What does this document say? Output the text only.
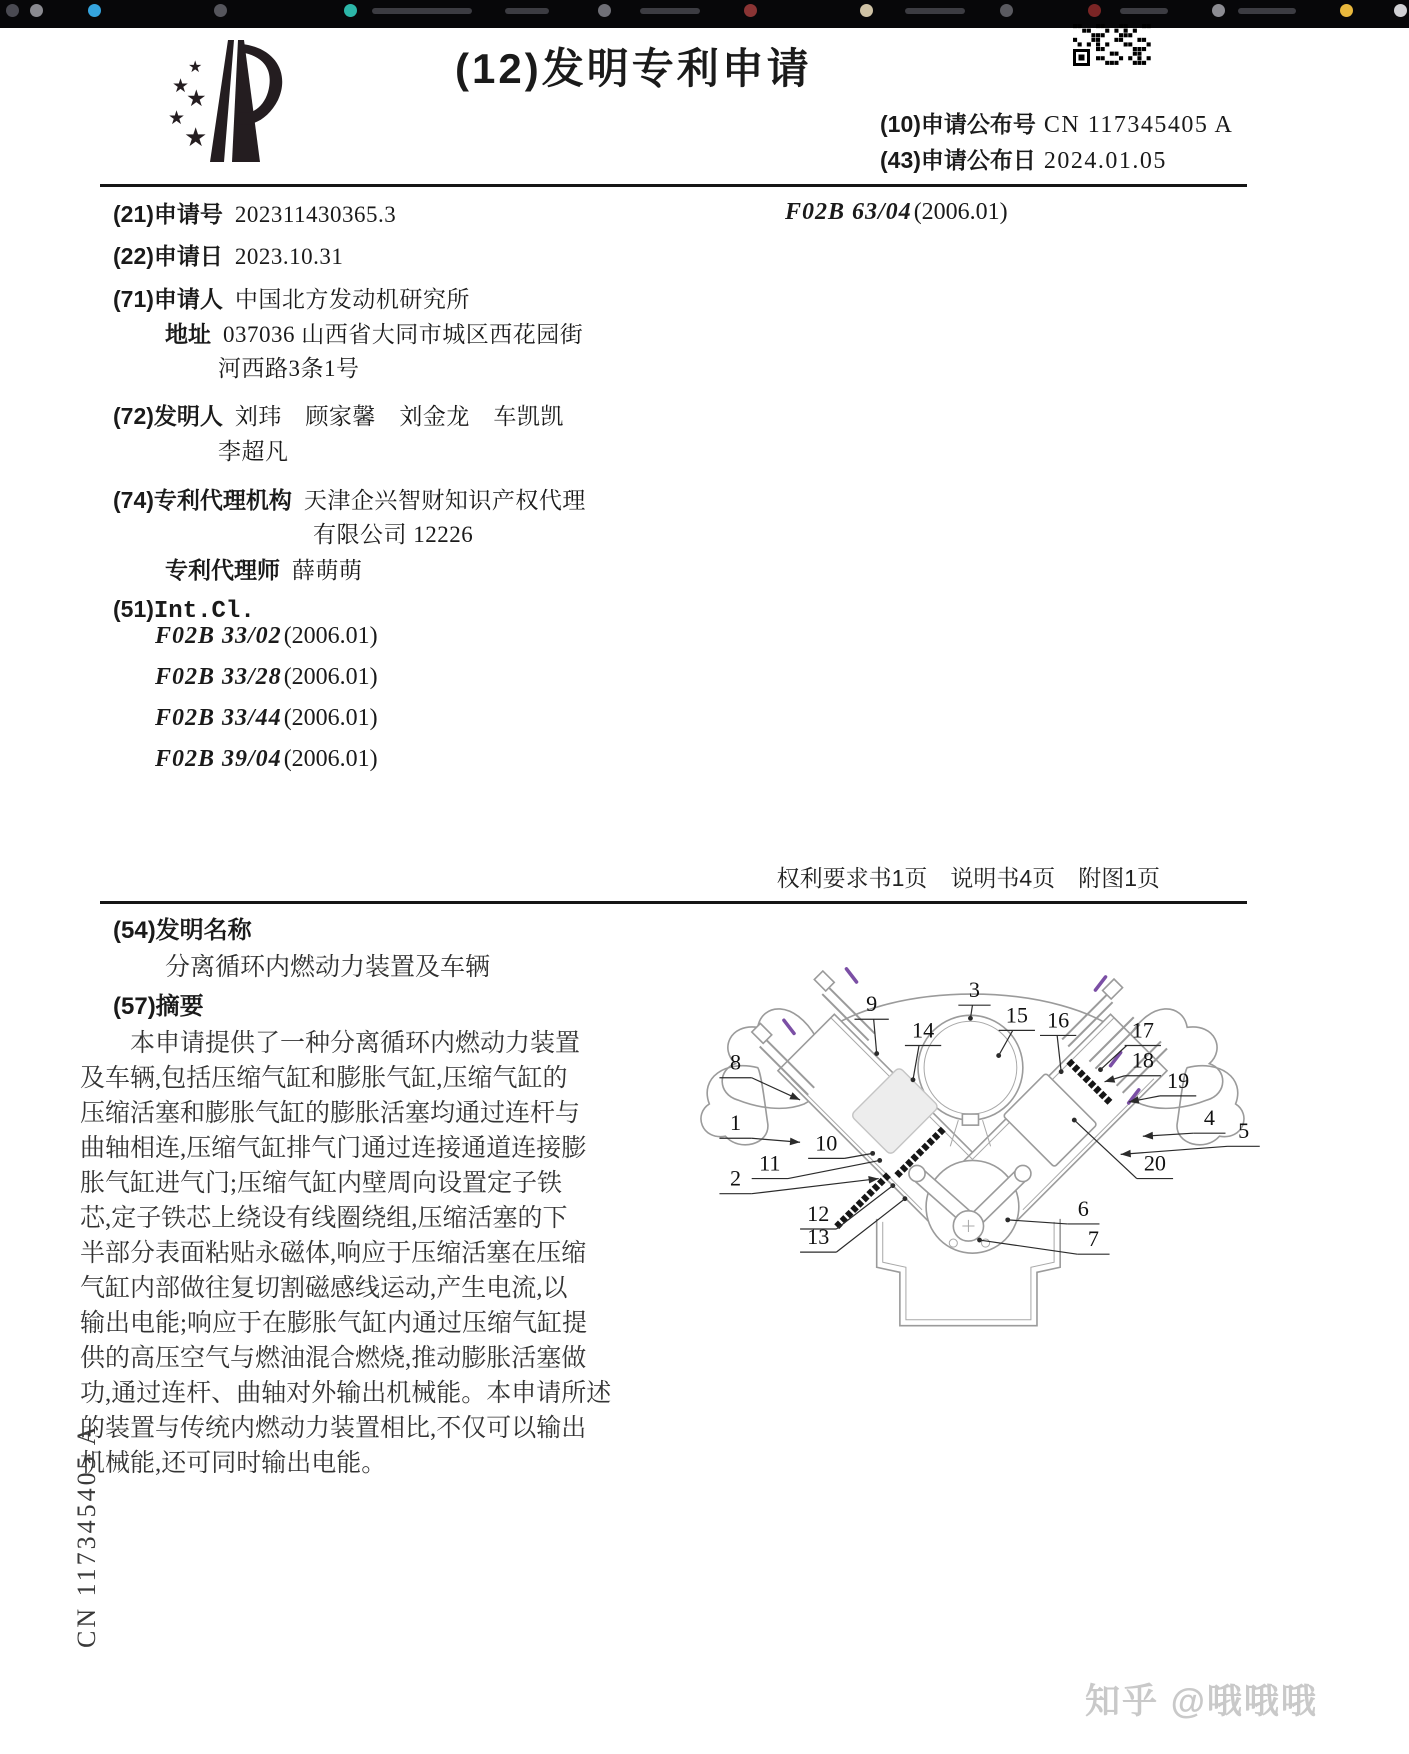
★
★
★
★
★
(12)发明专利申请
(10)申请公布号 CN 117345405 A
(43)申请公布日 2024.01.05
(21)申请号 202311430365.3
(22)申请日 2023.10.31
(71)申请人 中国北方发动机研究所
地址 037036 山西省大同市城区西花园街
河西路3条1号
(72)发明人 刘玮　顾家馨　刘金龙　车凯凯
李超凡
(74)专利代理机构 天津企兴智财知识产权代理
有限公司 12226
专利代理师 薛萌萌
(51)Int.Cl.
F02B 33/02(2006.01)
F02B 33/28(2006.01)
F02B 33/44(2006.01)
F02B 39/04(2006.01)
F02B 63/04(2006.01)
权利要求书1页　说明书4页　附图1页
(54)发明名称
分离循环内燃动力装置及车辆
(57)摘要
本申请提供了一种分离循环内燃动力装置
及车辆,包括压缩气缸和膨胀气缸,压缩气缸的
压缩活塞和膨胀气缸的膨胀活塞均通过连杆与
曲轴相连,压缩气缸排气门通过连接通道连接膨
胀气缸进气门;压缩气缸内壁周向设置定子铁
芯,定子铁芯上绕设有线圈绕组,压缩活塞的下
半部分表面粘贴永磁体,响应于压缩活塞在压缩
气缸内部做往复切割磁感线运动,产生电流,以
输出电能;响应于在膨胀气缸内通过压缩气缸提
供的高压空气与燃油混合燃烧,推动膨胀活塞做
功,通过连杆、曲轴对外输出机械能。本申请所述
的装置与传统内燃动力装置相比,不仅可以输出
机械能,还可同时输出电能。
9
14
3
15 16	17
18
19
8
1
10
11
2
12
13
4
5
20
6
7
CN 117345405 A
知乎 @哦哦哦
